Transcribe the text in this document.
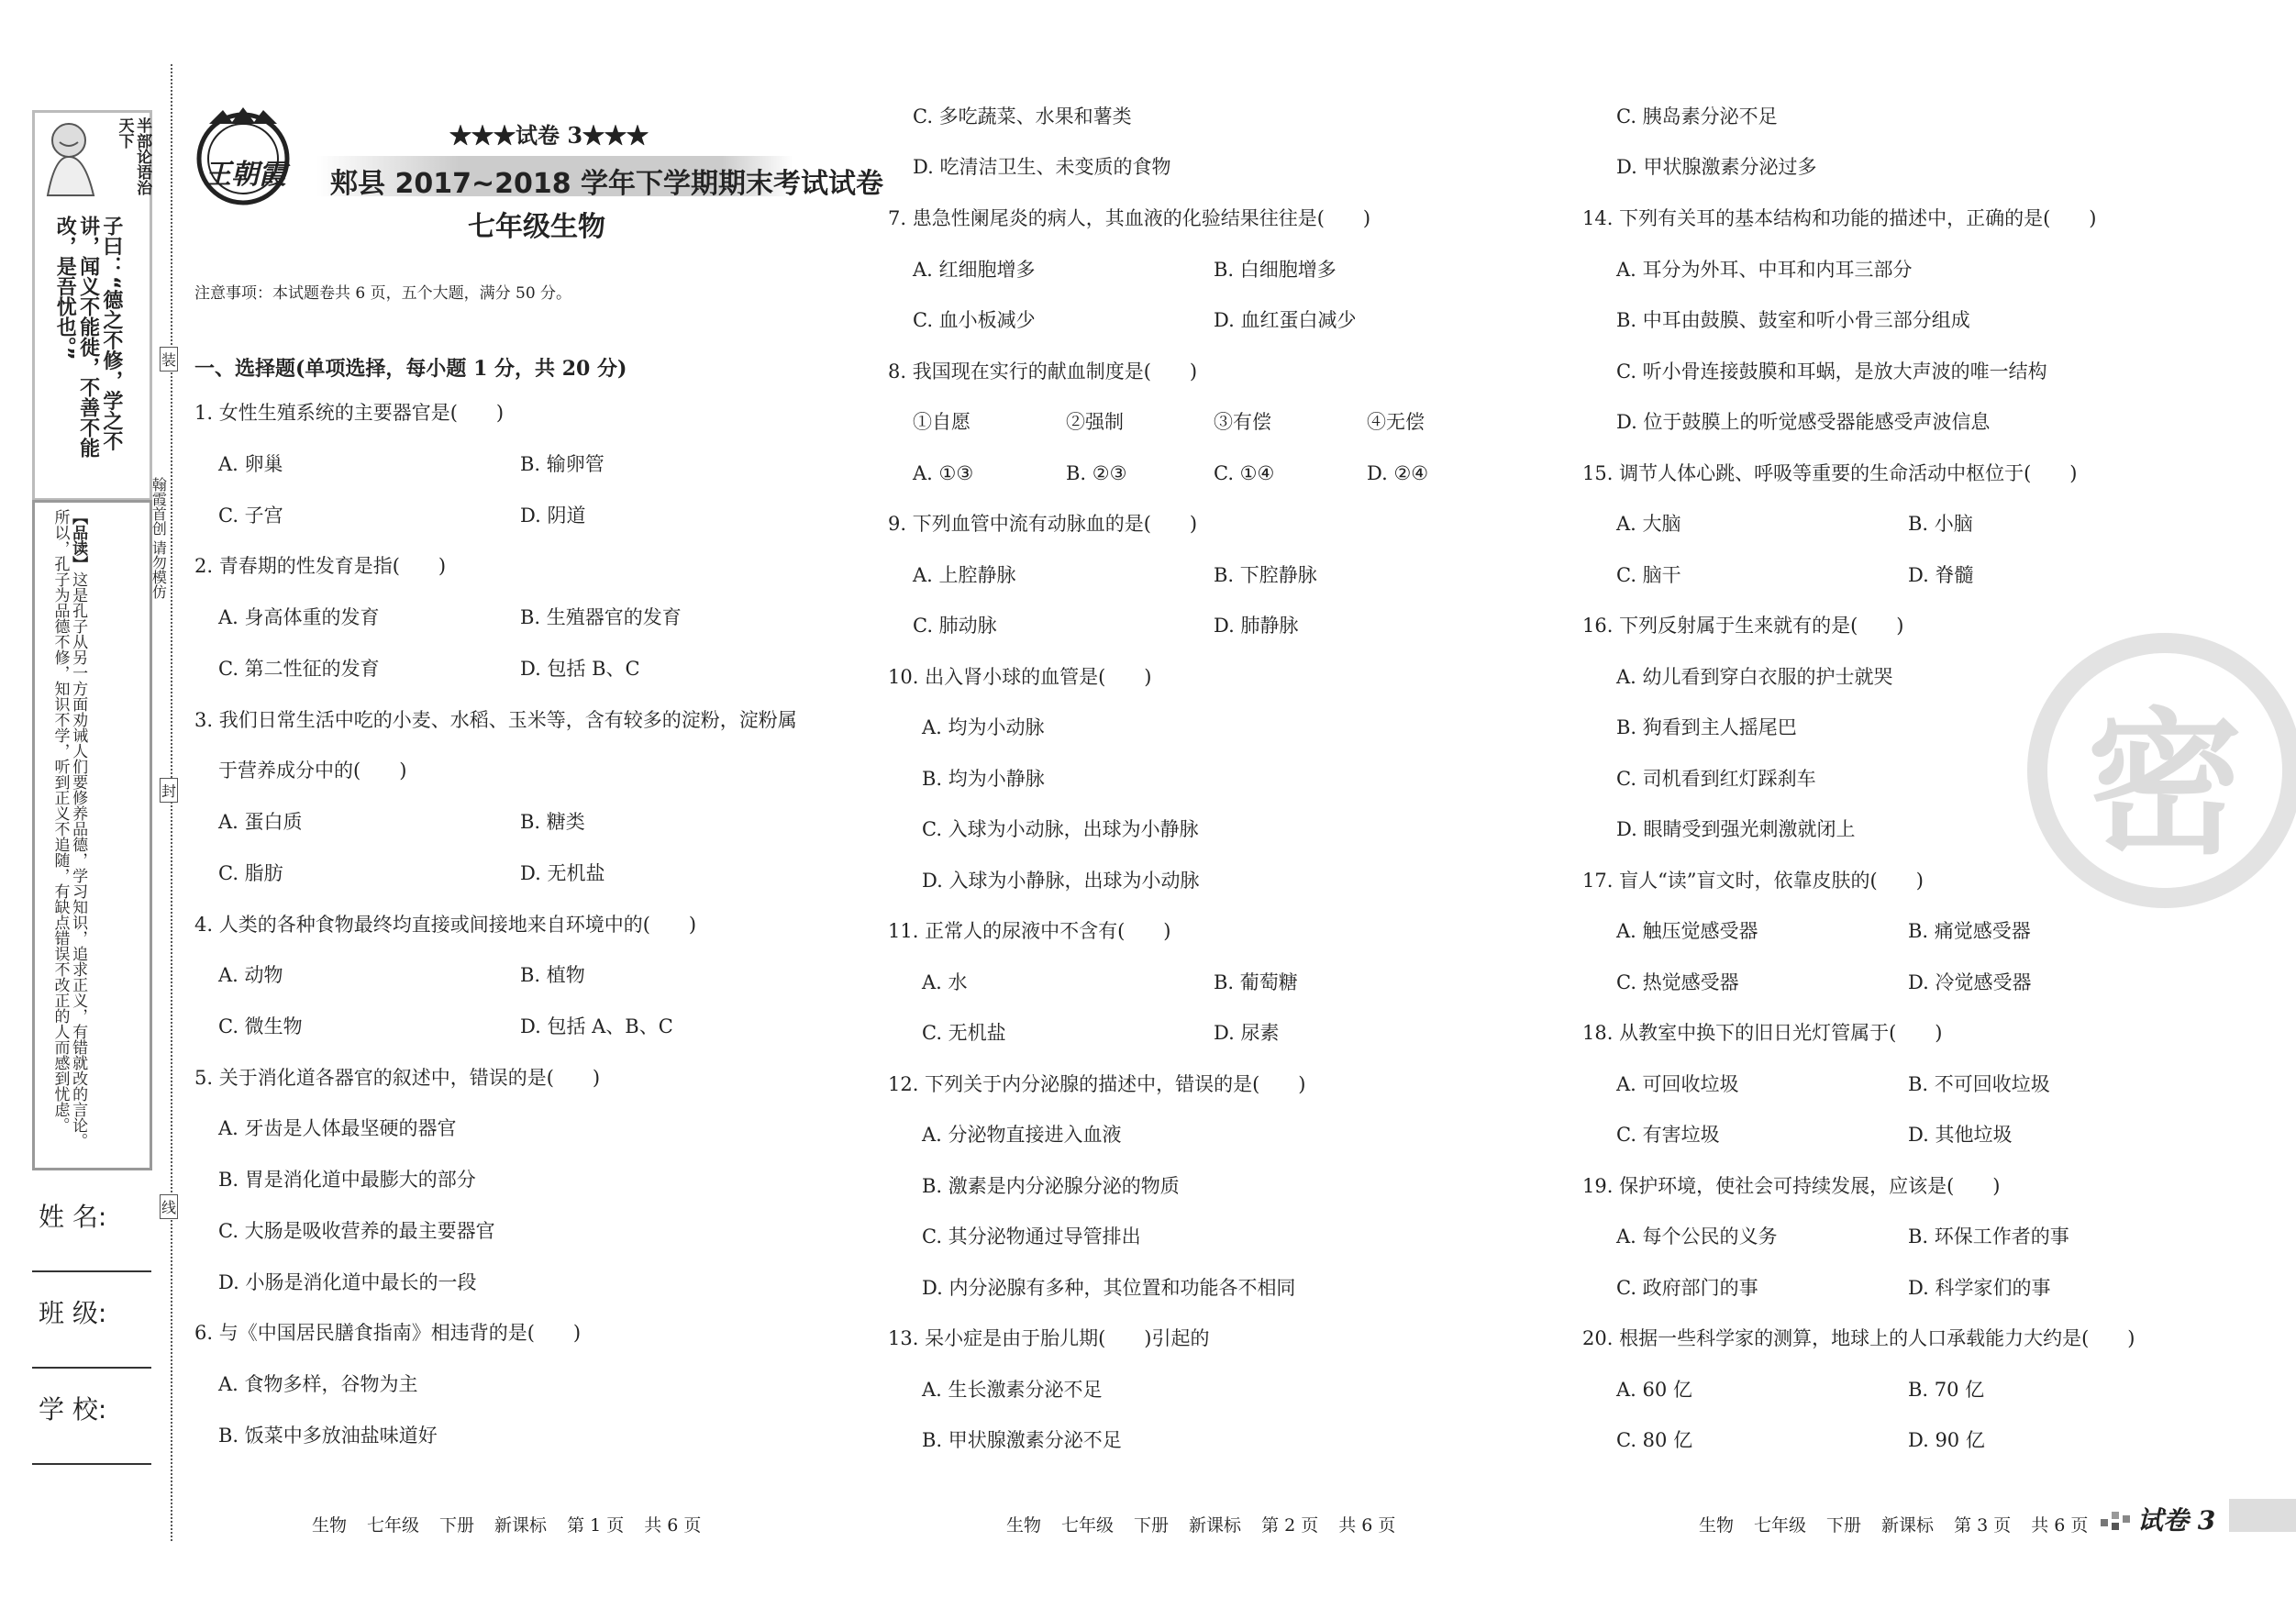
半部论语治天下
子曰：“德之不修，学之不讲，闻义不能徙，不善不能改，是吾忧也。”
【品读】这是孔子从另一方面劝诫人们要修养品德，学习知识，追求正义，有错就改的言论。所以，孔子为品德不修，知识不学，听到正义不追随，有缺点错误不改正的人而感到忧虑。	翰霞首创 请勿模仿
装
封
线
姓 名:
班 级:
学 校:
王朝霞
★★★试卷 3★★★
郏县 2017~2018 学年下学期期末考试试卷
七年级生物
注意事项：本试题卷共 6 页，五个大题，满分 50 分。
一、选择题(单项选择，每小题 1 分，共 20 分)
1. 女性生殖系统的主要器官是(　　)
A. 卵巢	B. 输卵管
C. 子宫	D. 阴道
2. 青春期的性发育是指(　　)
A. 身高体重的发育	B. 生殖器官的发育
C. 第二性征的发育	D. 包括 B、C
3. 我们日常生活中吃的小麦、水稻、玉米等，含有较多的淀粉，淀粉属
于营养成分中的(　　)
A. 蛋白质	B. 糖类
C. 脂肪	D. 无机盐
4. 人类的各种食物最终均直接或间接地来自环境中的(　　)
A. 动物	B. 植物
C. 微生物	D. 包括 A、B、C
5. 关于消化道各器官的叙述中，错误的是(　　)
A. 牙齿是人体最坚硬的器官
B. 胃是消化道中最膨大的部分
C. 大肠是吸收营养的最主要器官
D. 小肠是消化道中最长的一段
6. 与《中国居民膳食指南》相违背的是(　　)
A. 食物多样，谷物为主
B. 饭菜中多放油盐味道好
C. 多吃蔬菜、水果和薯类
D. 吃清洁卫生、未变质的食物
7. 患急性阑尾炎的病人，其血液的化验结果往往是(　　)
A. 红细胞增多	B. 白细胞增多
C. 血小板减少	D. 血红蛋白减少
8. 我国现在实行的献血制度是(　　)
①自愿	②强制	③有偿	④无偿
A. ①③	B. ②③	C. ①④	D. ②④
9. 下列血管中流有动脉血的是(　　)
A. 上腔静脉	B. 下腔静脉
C. 肺动脉	D. 肺静脉
10. 出入肾小球的血管是(　　)
A. 均为小动脉
B. 均为小静脉
C. 入球为小动脉，出球为小静脉
D. 入球为小静脉，出球为小动脉
11. 正常人的尿液中不含有(　　)
A. 水	B. 葡萄糖
C. 无机盐	D. 尿素
12. 下列关于内分泌腺的描述中，错误的是(　　)
A. 分泌物直接进入血液
B. 激素是内分泌腺分泌的物质
C. 其分泌物通过导管排出
D. 内分泌腺有多种，其位置和功能各不相同
13. 呆小症是由于胎儿期(　　)引起的
A. 生长激素分泌不足
B. 甲状腺激素分泌不足
密
C. 胰岛素分泌不足
D. 甲状腺激素分泌过多
14. 下列有关耳的基本结构和功能的描述中，正确的是(　　)
A. 耳分为外耳、中耳和内耳三部分
B. 中耳由鼓膜、鼓室和听小骨三部分组成
C. 听小骨连接鼓膜和耳蜗，是放大声波的唯一结构
D. 位于鼓膜上的听觉感受器能感受声波信息
15. 调节人体心跳、呼吸等重要的生命活动中枢位于(　　)
A. 大脑	B. 小脑
C. 脑干	D. 脊髓
16. 下列反射属于生来就有的是(　　)
A. 幼儿看到穿白衣服的护士就哭
B. 狗看到主人摇尾巴
C. 司机看到红灯踩刹车
D. 眼睛受到强光刺激就闭上
17. 盲人“读”盲文时，依靠皮肤的(　　)
A. 触压觉感受器	B. 痛觉感受器
C. 热觉感受器	D. 冷觉感受器
18. 从教室中换下的旧日光灯管属于(　　)
A. 可回收垃圾	B. 不可回收垃圾
C. 有害垃圾	D. 其他垃圾
19. 保护环境，使社会可持续发展，应该是(　　)
A. 每个公民的义务	B. 环保工作者的事
C. 政府部门的事	D. 科学家们的事
20. 根据一些科学家的测算，地球上的人口承载能力大约是(　　)
A. 60 亿	B. 70 亿
C. 80 亿	D. 90 亿
生物 七年级 下册 新课标 第 1 页 共 6 页	生物 七年级 下册 新课标 第 2 页 共 6 页	生物 七年级 下册 新课标 第 3 页 共 6 页	试卷 3
